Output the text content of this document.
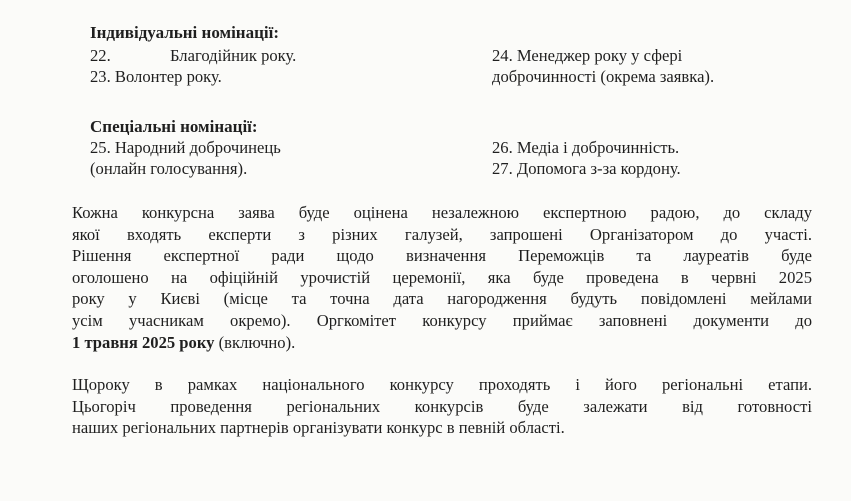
Індивідуальні номінації:
22.	Благодійник року.
23. Волонтер року.
24. Менеджер року у сфері
доброчинності (окрема заявка).
Спеціальні номінації:
25. Народний доброчинець
(онлайн голосування).
26. Медіа і доброчинність.
27. Допомога з-за кордону.
Кожна конкурсна заява буде оцінена незалежною експертною радою, до складу
якої входять експерти з різних галузей, запрошені Організатором до участі.
Рішення експертної ради щодо визначення Переможців та лауреатів буде
оголошено на офіційній урочистій церемонії, яка буде проведена в червні 2025
року у Києві (місце та точна дата нагородження будуть повідомлені мейлами
усім учасникам окремо). Оргкомітет конкурсу приймає заповнені документи до
1 травня 2025 року (включно).
Щороку в рамках національного конкурсу проходять і його регіональні етапи.
Цьогоріч проведення регіональних конкурсів буде залежати від готовності
наших регіональних партнерів організувати конкурс в певній області.
